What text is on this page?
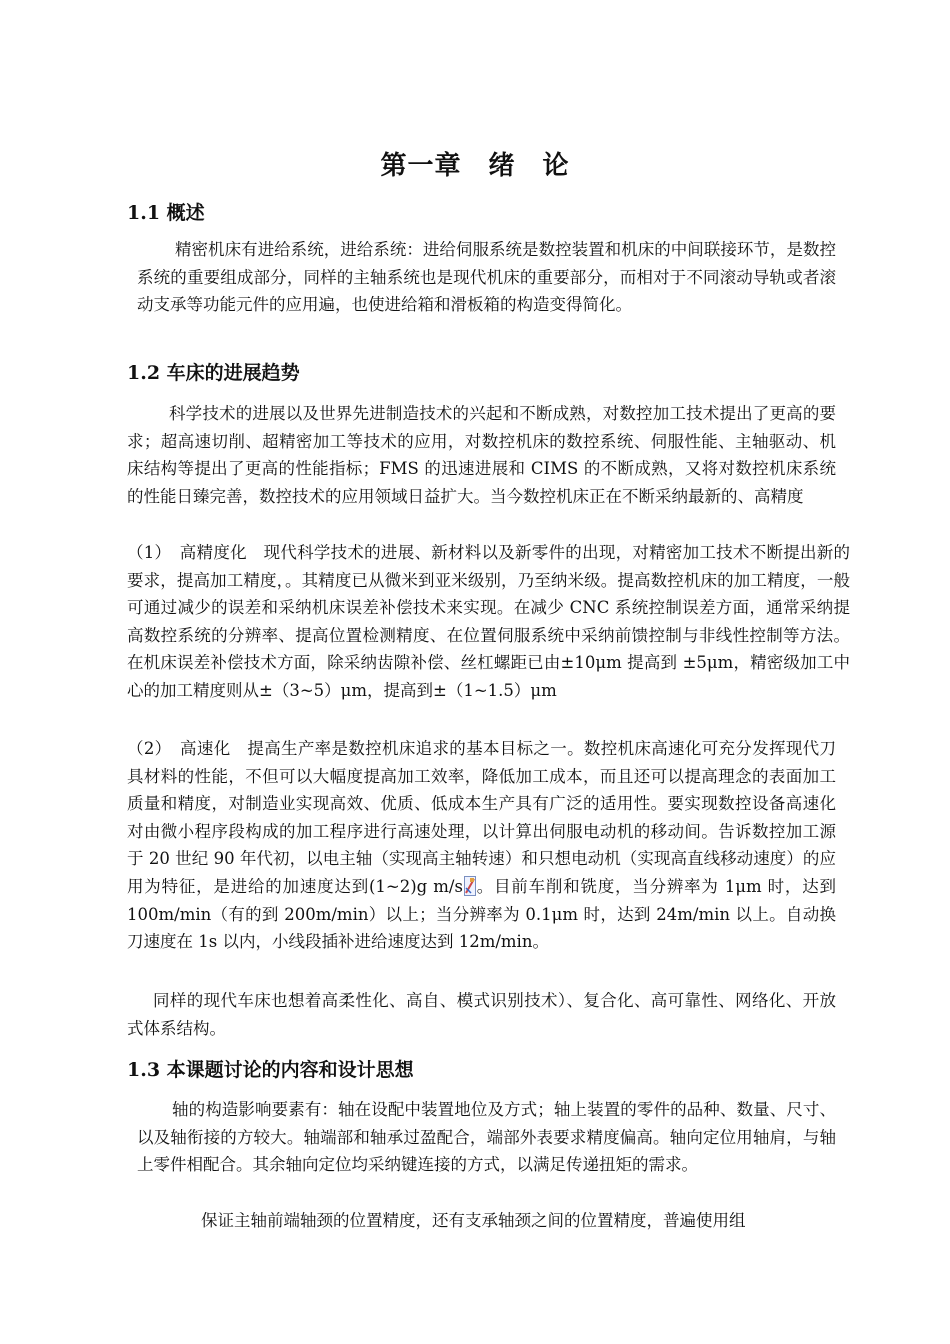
第一章　绪　论
1.1 概述
精密机床有进给系统，进给系统：进给伺服系统是数控装置和机床的中间联接环节，是数控系统的重要组成部分，同样的主轴系统也是现代机床的重要部分，而相对于不同滚动导轨或者滚动支承等功能元件的应用遍，也使进给箱和滑板箱的构造变得简化。
1.2 车床的进展趋势
科学技术的进展以及世界先进制造技术的兴起和不断成熟，对数控加工技术提出了更高的要求；超高速切削、超精密加工等技术的应用，对数控机床的数控系统、伺服性能、主轴驱动、机床结构等提出了更高的性能指标；FMS 的迅速进展和 CIMS 的不断成熟，又将对数控机床系统的性能日臻完善，数控技术的应用领域日益扩大。当今数控机床正在不断采纳最新的、高精度
（1）　高精度化　现代科学技术的进展、新材料以及新零件的出现，对精密加工技术不断提出新的要求，提高加工精度，。其精度已从微米到亚米级别，乃至纳米级。提高数控机床的加工精度，一般可通过减少的误差和采纳机床误差补偿技术来实现。在减少 CNC 系统控制误差方面，通常采纳提高数控系统的分辨率、提高位置检测精度、在位置伺服系统中采纳前馈控制与非线性控制等方法。在机床误差补偿技术方面，除采纳齿隙补偿、丝杠螺距已由±10μm 提高到 ±5μm，精密级加工中心的加工精度则从±（3~5）μm，提高到±（1~1.5）μm
（2）　高速化　提高生产率是数控机床追求的基本目标之一。数控机床高速化可充分发挥现代刀具材料的性能，不但可以大幅度提高加工效率，降低加工成本，而且还可以提高理念的表面加工质量和精度，对制造业实现高效、优质、低成本生产具有广泛的适用性。要实现数控设备高速化对由微小程序段构成的加工程序进行高速处理，以计算出伺服电动机的移动间。告诉数控加工源于 20 世纪 90 年代初，以电主轴（实现高主轴转速）和只想电动机（实现高直线移动速度）的应用为特征，是进给的加速度达到(1~2)g m/s 。目前车削和铣度，当分辨率为 1μm 时，达到 100m/min（有的到 200m/min）以上；当分辨率为 0.1μm 时，达到 24m/min 以上。自动换刀速度在 1s 以内，小线段插补进给速度达到 12m/min。
同样的现代车床也想着高柔性化、高自、模式识别技术）、复合化、高可靠性、网络化、开放式体系结构。
1.3 本课题讨论的内容和设计思想
轴的构造影响要素有：轴在设配中装置地位及方式；轴上装置的零件的品种、数量、尺寸、以及轴衔接的方较大。轴端部和轴承过盈配合，端部外表要求精度偏高。轴向定位用轴肩，与轴上零件相配合。其余轴向定位均采纳键连接的方式，以满足传递扭矩的需求。
保证主轴前端轴颈的位置精度，还有支承轴颈之间的位置精度，普遍使用组
